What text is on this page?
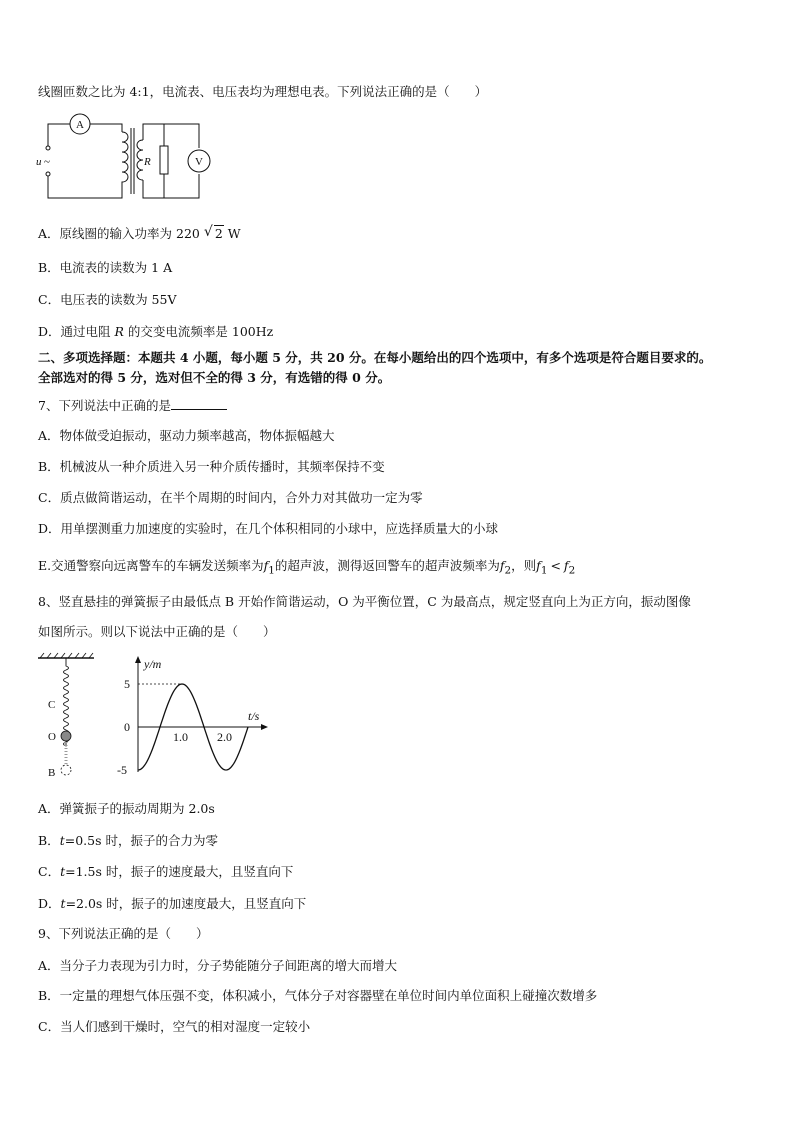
线圈匝数之比为 4:1，电流表、电压表均为理想电表。下列说法正确的是（　　）
u ~
A
R	V
A．原线圈的输入功率为 220 √ 2 W
B．电流表的读数为 1 A
C．电压表的读数为 55V
D．通过电阻 R 的交变电流频率是 100Hz
二、多项选择题：本题共 4 小题，每小题 5 分，共 20 分。在每小题给出的四个选项中，有多个选项是符合题目要求的。
全部选对的得 5 分，选对但不全的得 3 分，有选错的得 0 分。
7、下列说法中正确的是
A．物体做受迫振动，驱动力频率越高，物体振幅越大
B．机械波从一种介质进入另一种介质传播时，其频率保持不变
C．质点做简谐运动，在半个周期的时间内，合外力对其做功一定为零
D．用单摆测重力加速度的实验时，在几个体积相同的小球中，应选择质量大的小球
E.交通警察向远离警车的车辆发送频率为$f_1$的超声波，测得返回警车的超声波频率为$f_2$，则$f_1 < f_2$
8、竖直悬挂的弹簧振子由最低点 B 开始作简谐运动，O 为平衡位置，C 为最高点，规定竖直向上为正方向，振动图像
如图所示。则以下说法中正确的是（　　）
C
O
B
y/m
t/s
5
0
-5
1.0 2.0
A．弹簧振子的振动周期为 2.0s
B．t=0.5s 时，振子的合力为零
C．t=1.5s 时，振子的速度最大，且竖直向下
D．t=2.0s 时，振子的加速度最大，且竖直向下
9、下列说法正确的是（　　）
A．当分子力表现为引力时，分子势能随分子间距离的增大而增大
B．一定量的理想气体压强不变，体积减小，气体分子对容器壁在单位时间内单位面积上碰撞次数增多
C．当人们感到干燥时，空气的相对湿度一定较小
